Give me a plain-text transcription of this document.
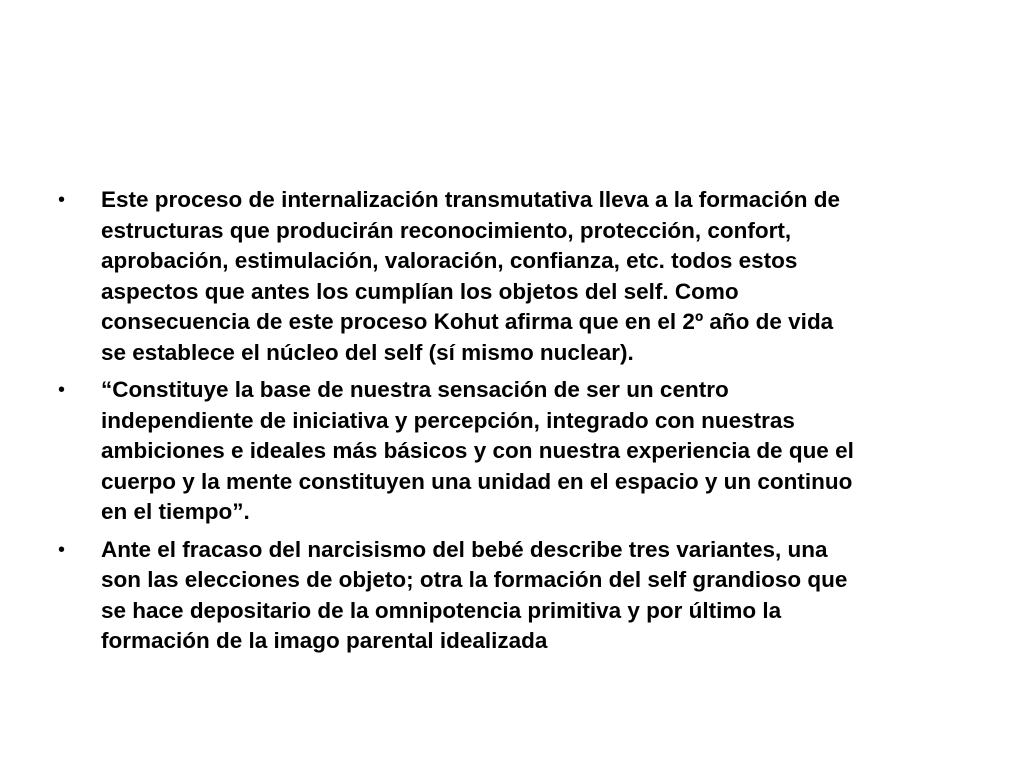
• Este proceso de internalización transmutativa lleva a la formación de
estructuras que producirán reconocimiento, protección, confort,
aprobación, estimulación, valoración, confianza, etc. todos estos
aspectos que antes los cumplían los objetos del self. Como
consecuencia de este proceso Kohut afirma que en el 2º año de vida
se establece el núcleo del self (sí mismo nuclear).
• “Constituye la base de nuestra sensación de ser un centro
independiente de iniciativa y percepción, integrado con nuestras
ambiciones e ideales más básicos y con nuestra experiencia de que el
cuerpo y la mente constituyen una unidad en el espacio y un continuo
en el tiempo”.
• Ante el fracaso del narcisismo del bebé describe tres variantes, una
son las elecciones de objeto; otra la formación del self grandioso que
se hace depositario de la omnipotencia primitiva y por último la
formación de la imago parental idealizada
